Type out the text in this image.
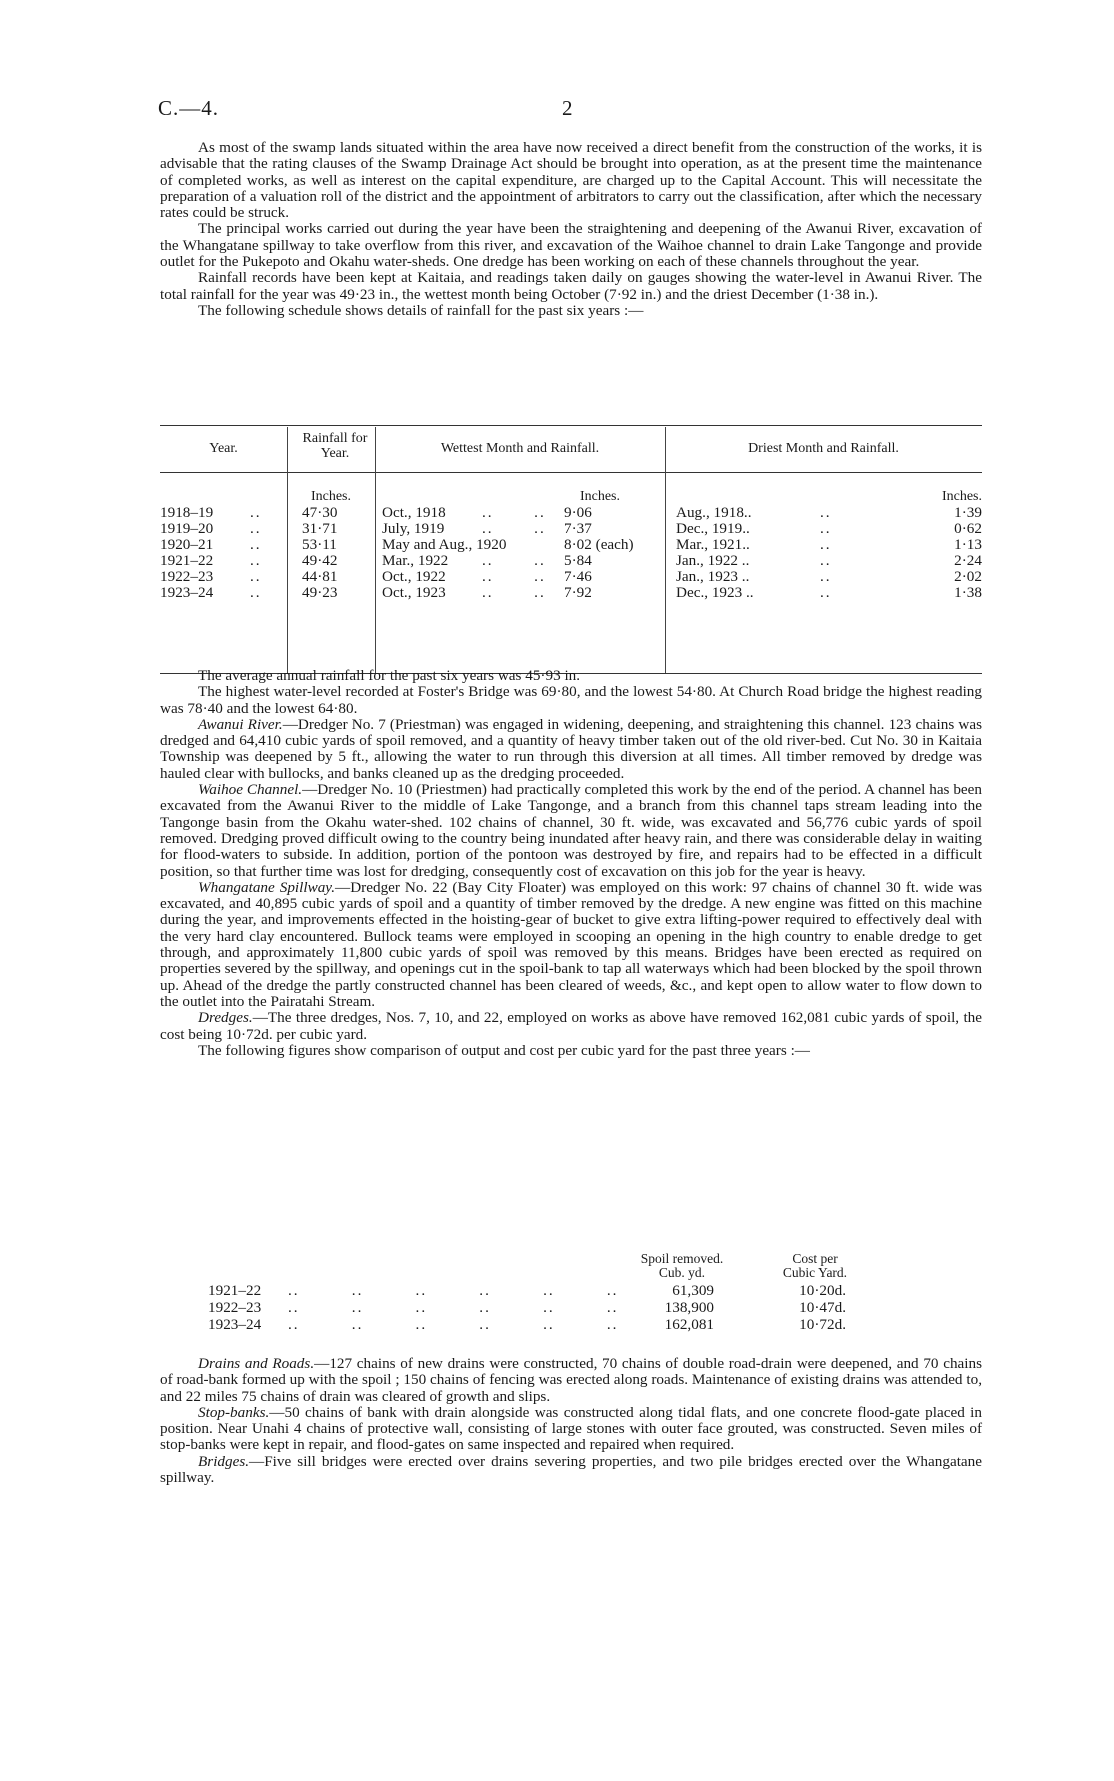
C.—4.	2

As most of the swamp lands situated within the area have now received a direct benefit from the construction of the works, it is advisable that the rating clauses of the Swamp Drainage Act should be brought into operation, as at the present time the maintenance of completed works, as well as interest on the capital expenditure, are charged up to the Capital Account. This will necessitate the preparation of a valuation roll of the district and the appointment of arbitrators to carry out the classification, after which the necessary rates could be struck.

The principal works carried out during the year have been the straightening and deepening of the Awanui River, excavation of the Whangatane spillway to take overflow from this river, and excavation of the Waihoe channel to drain Lake Tangonge and provide outlet for the Pukepoto and Okahu water-sheds. One dredge has been working on each of these channels throughout the year.

Rainfall records have been kept at Kaitaia, and readings taken daily on gauges showing the water-level in Awanui River. The total rainfall for the year was 49·23 in., the wettest month being October (7·92 in.) and the driest December (1·38 in.).

The following schedule shows details of rainfall for the past six years :—

Year.
Rainfall for Year.	Wettest Month and Rainfall.	Driest Month and Rainfall.
Inches.	Inches.	Inches.
1918–19 ..	47·30	Oct., 1918 ..       .. 9·06	Aug., 1918..	..	1·39
1919–20 ..	31·71	July, 1919 ..       .. 7·37	Dec., 1919..	..	0·62
1920–21 ..	53·11	May and Aug., 1920	8·02 (each)	Mar., 1921..	..	1·13
1921–22 ..	49·42	Mar., 1922 ..       .. 5·84	Jan., 1922 ..	..	2·24
1922–23 ..	44·81	Oct., 1922 ..       .. 7·46	Jan., 1923 ..	..	2·02
1923–24 ..	49·23	Oct., 1923 ..       .. 7·92	Dec., 1923 ..	..	1·38

The average annual rainfall for the past six years was 45·93 in.

The highest water-level recorded at Foster's Bridge was 69·80, and the lowest 54·80. At Church Road bridge the highest reading was 78·40 and the lowest 64·80.

Awanui River.—Dredger No. 7 (Priestman) was engaged in widening, deepening, and straightening this channel. 123 chains was dredged and 64,410 cubic yards of spoil removed, and a quantity of heavy timber taken out of the old river-bed. Cut No. 30 in Kaitaia Township was deepened by 5 ft., allowing the water to run through this diversion at all times. All timber removed by dredge was hauled clear with bullocks, and banks cleaned up as the dredging proceeded.

Waihoe Channel.—Dredger No. 10 (Priestmen) had practically completed this work by the end of the period. A channel has been excavated from the Awanui River to the middle of Lake Tangonge, and a branch from this channel taps stream leading into the Tangonge basin from the Okahu water-shed. 102 chains of channel, 30 ft. wide, was excavated and 56,776 cubic yards of spoil removed. Dredging proved difficult owing to the country being inundated after heavy rain, and there was considerable delay in waiting for flood-waters to subside. In addition, portion of the pontoon was destroyed by fire, and repairs had to be effected in a difficult position, so that further time was lost for dredging, consequently cost of excavation on this job for the year is heavy.

Whangatane Spillway.—Dredger No. 22 (Bay City Floater) was employed on this work: 97 chains of channel 30 ft. wide was excavated, and 40,895 cubic yards of spoil and a quantity of timber removed by the dredge. A new engine was fitted on this machine during the year, and improvements effected in the hoisting-gear of bucket to give extra lifting-power required to effectively deal with the very hard clay encountered. Bullock teams were employed in scooping an opening in the high country to enable dredge to get through, and approximately 11,800 cubic yards of spoil was removed by this means. Bridges have been erected as required on properties severed by the spillway, and openings cut in the spoil-bank to tap all waterways which had been blocked by the spoil thrown up. Ahead of the dredge the partly constructed channel has been cleared of weeds, &c., and kept open to allow water to flow down to the outlet into the Pairatahi Stream.

Dredges.—The three dredges, Nos. 7, 10, and 22, employed on works as above have removed 162,081 cubic yards of spoil, the cost being 10·72d. per cubic yard.

The following figures show comparison of output and cost per cubic yard for the past three years :—

Spoil removed.
Cub. yd.
Cost per
Cubic Yard.
1921–22 ..         ..         ..         ..         ..         ..	61,309	10·20d.
1922–23 ..         ..         ..         ..         ..         ..	138,900	10·47d.
1923–24 ..         ..         ..         ..         ..         ..	162,081	10·72d.

Drains and Roads.—127 chains of new drains were constructed, 70 chains of double road-drain were deepened, and 70 chains of road-bank formed up with the spoil ; 150 chains of fencing was erected along roads. Maintenance of existing drains was attended to, and 22 miles 75 chains of drain was cleared of growth and slips.

Stop-banks.—50 chains of bank with drain alongside was constructed along tidal flats, and one concrete flood-gate placed in position. Near Unahi 4 chains of protective wall, consisting of large stones with outer face grouted, was constructed. Seven miles of stop-banks were kept in repair, and flood-gates on same inspected and repaired when required.

Bridges.—Five sill bridges were erected over drains severing properties, and two pile bridges erected over the Whangatane spillway.
